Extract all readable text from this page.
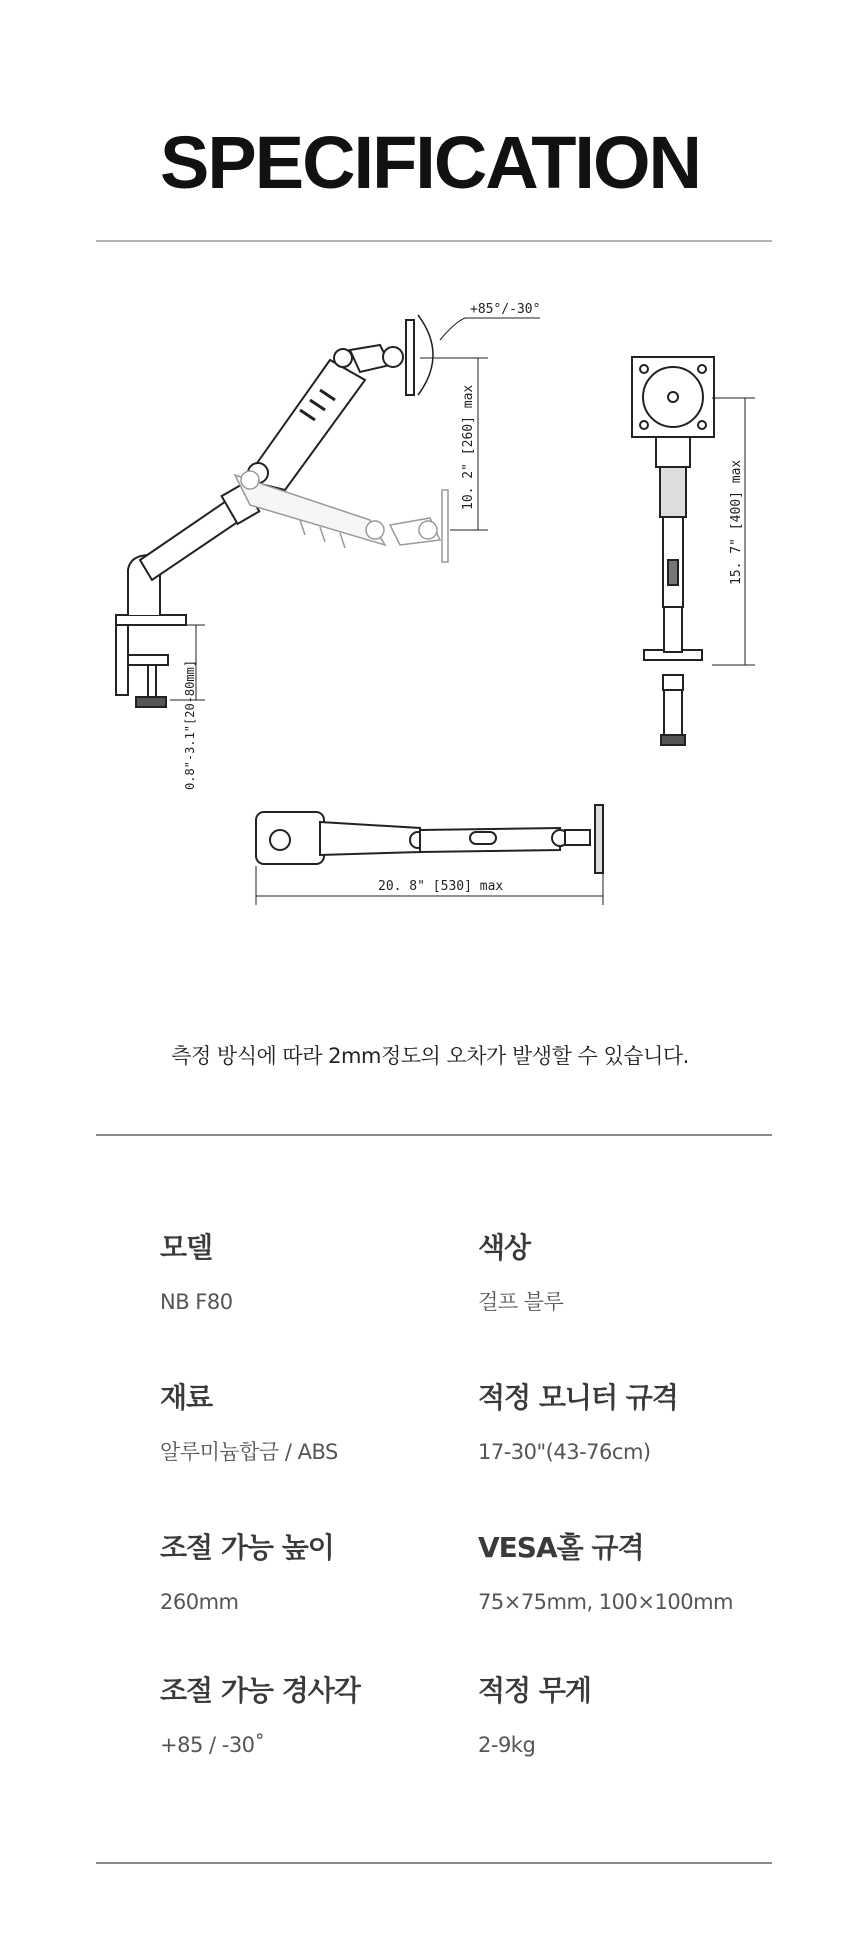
SPECIFICATION
+85°/-30°
10. 2" [260] max
0.8"-3.1"[20-80mm]
15. 7" [400] max
20. 8" [530] max
측정 방식에 따라 2mm정도의 오차가 발생할 수 있습니다.
모델
NB F80
색상
걸프 블루
재료
알루미늄합금 / ABS
적정 모니터 규격
17-30"(43-76cm)
조절 가능 높이
260mm
VESA홀 규격
75×75mm, 100×100mm
조절 가능 경사각
+85 / -30˚
적정 무게
2-9kg
